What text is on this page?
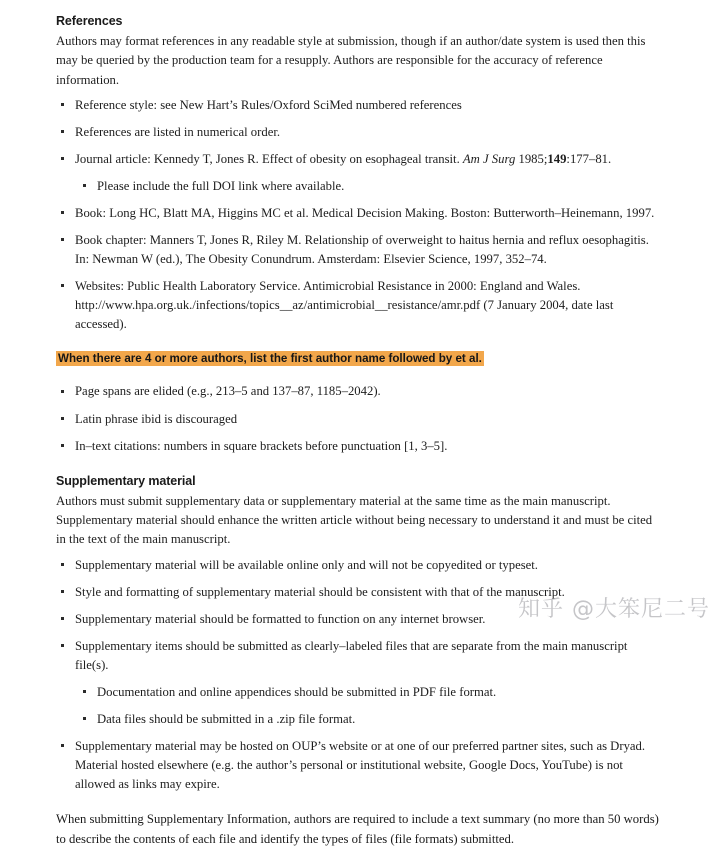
References

Authors may format references in any readable style at submission, though if an author/date system is used then this may be queried by the production team for a resupply. Authors are responsible for the accuracy of reference information.

Reference style: see New Hart’s Rules/Oxford SciMed numbered references
References are listed in numerical order.
Journal article: Kennedy T, Jones R. Effect of obesity on esophageal transit. Am J Surg 1985;149:177–81.
Please include the full DOI link where available.
Book: Long HC, Blatt MA, Higgins MC et al. Medical Decision Making. Boston: Butterworth–Heinemann, 1997.
Book chapter: Manners T, Jones R, Riley M. Relationship of overweight to haitus hernia and reflux oesophagitis. In: Newman W (ed.), The Obesity Conundrum. Amsterdam: Elsevier Science, 1997, 352–74.
Websites: Public Health Laboratory Service. Antimicrobial Resistance in 2000: England and Wales. http://www.hpa.org.uk./infections/topics__az/antimicrobial__resistance/amr.pdf (7 January 2004, date last accessed).
When there are 4 or more authors, list the first author name followed by et al.
Page spans are elided (e.g., 213–5 and 137–87, 1185–2042).
Latin phrase ibid is discouraged
In–text citations: numbers in square brackets before punctuation [1, 3–5].
Supplementary material

Authors must submit supplementary data or supplementary material at the same time as the main manuscript. Supplementary material should enhance the written article without being necessary to understand it and must be cited in the text of the main manuscript.

Supplementary material will be available online only and will not be copyedited or typeset.
Style and formatting of supplementary material should be consistent with that of the manuscript.
Supplementary material should be formatted to function on any internet browser.
Supplementary items should be submitted as clearly–labeled files that are separate from the main manuscript file(s).
Documentation and online appendices should be submitted in PDF file format.
Data files should be submitted in a .zip file format.
Supplementary material may be hosted on OUP’s website or at one of our preferred partner sites, such as Dryad. Material hosted elsewhere (e.g. the author’s personal or institutional website, Google Docs, YouTube) is not allowed as links may expire.

When submitting Supplementary Information, authors are required to include a text summary (no more than 50 words) to describe the contents of each file and identify the types of files (file formats) submitted.

知乎 @大笨尼二号
